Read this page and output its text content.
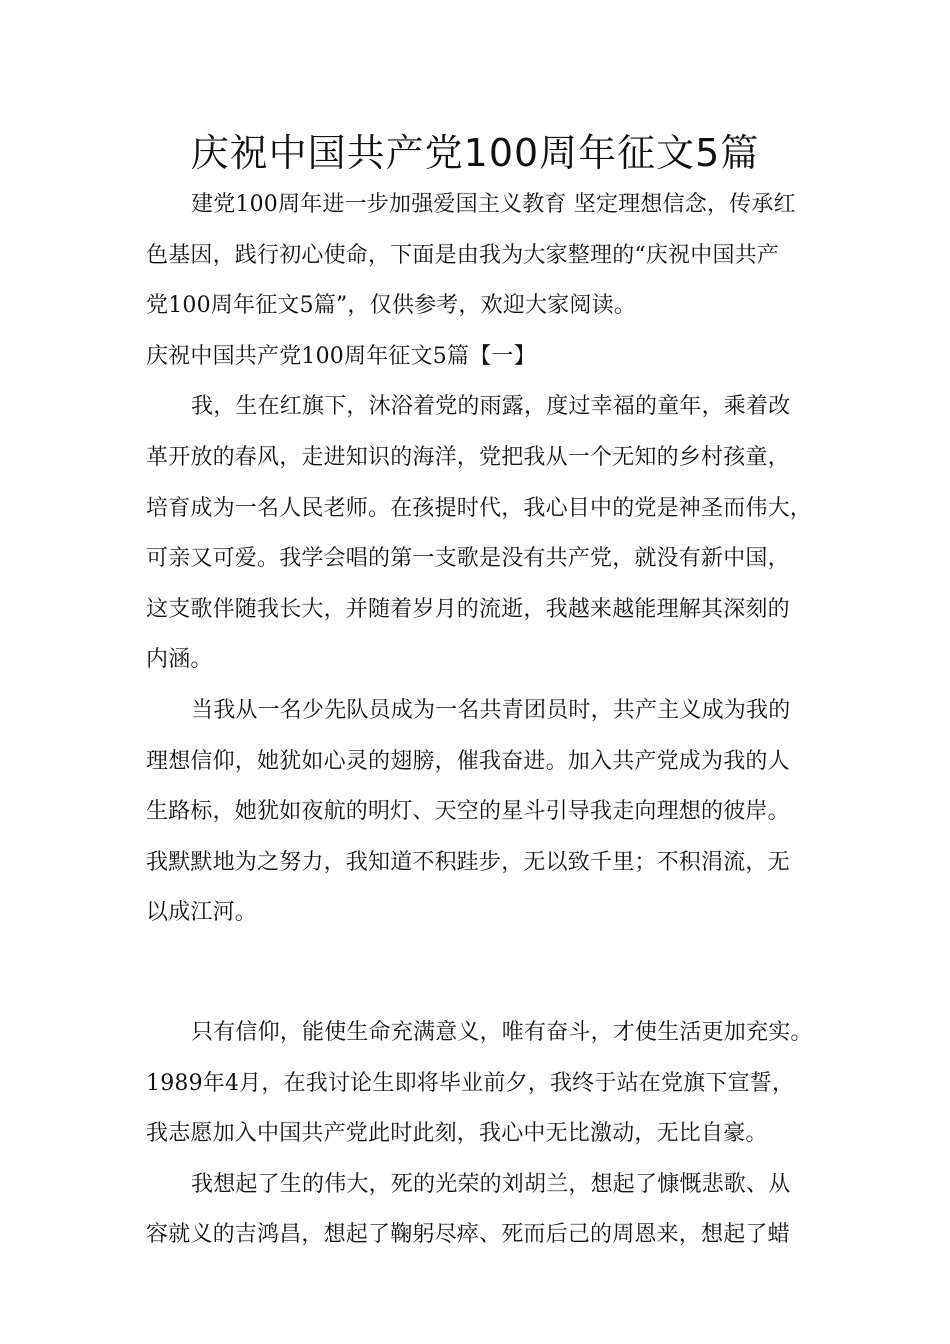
庆祝中国共产党100周年征文5篇
建党100周年进一步加强爱国主义教育 坚定理想信念，传承红
色基因，践行初心使命，下面是由我为大家整理的“庆祝中国共产
党100周年征文5篇”，仅供参考，欢迎大家阅读。
庆祝中国共产党100周年征文5篇【一】
我，生在红旗下，沐浴着党的雨露，度过幸福的童年，乘着改
革开放的春风，走进知识的海洋，党把我从一个无知的乡村孩童，
培育成为一名人民老师。在孩提时代，我心目中的党是神圣而伟大，
可亲又可爱。我学会唱的第一支歌是没有共产党，就没有新中国，
这支歌伴随我长大，并随着岁月的流逝，我越来越能理解其深刻的
内涵。
当我从一名少先队员成为一名共青团员时，共产主义成为我的
理想信仰，她犹如心灵的翅膀，催我奋进。加入共产党成为我的人
生路标，她犹如夜航的明灯、天空的星斗引导我走向理想的彼岸。
我默默地为之努力，我知道不积跬步，无以致千里；不积涓流，无
以成江河。
只有信仰，能使生命充满意义，唯有奋斗，才使生活更加充实。
1989年4月，在我讨论生即将毕业前夕，我终于站在党旗下宣誓，
我志愿加入中国共产党此时此刻，我心中无比激动，无比自豪。
我想起了生的伟大，死的光荣的刘胡兰，想起了慷慨悲歌、从
容就义的吉鸿昌，想起了鞠躬尽瘁、死而后己的周恩来，想起了蜡
